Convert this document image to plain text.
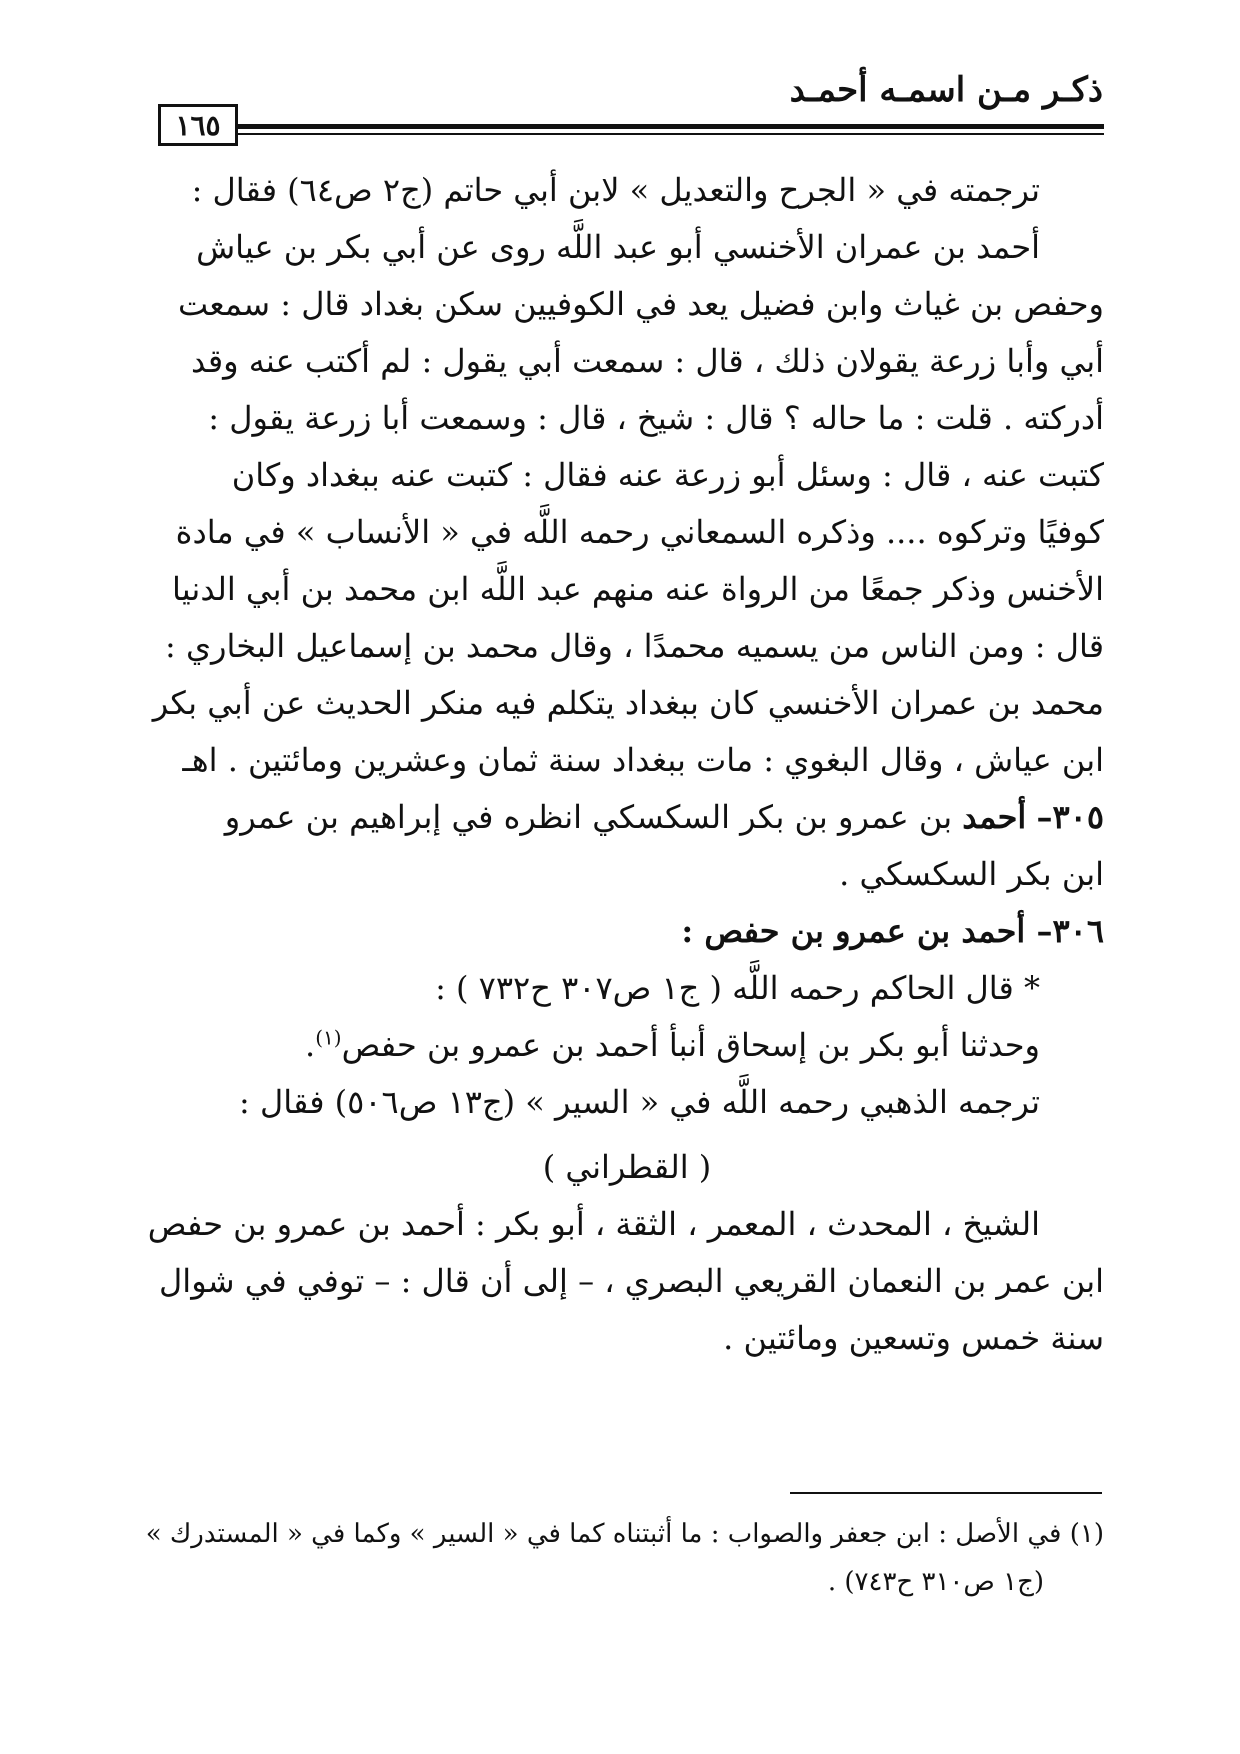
ذكـر مـن اسمـه أحمـد
١٦٥
ترجمته في « الجرح والتعديل » لابن أبي حاتم (ج٢ ص٦٤) فقال :
أحمد بن عمران الأخنسي أبو عبد اللَّه روى عن أبي بكر بن عياش
وحفص بن غياث وابن فضيل يعد في الكوفيين سكن بغداد قال : سمعت
أبي وأبا زرعة يقولان ذلك ، قال : سمعت أبي يقول : لم أكتب عنه وقد
أدركته . قلت : ما حاله ؟ قال : شيخ ، قال : وسمعت أبا زرعة يقول :
كتبت عنه ، قال : وسئل أبو زرعة عنه فقال : كتبت عنه ببغداد وكان
كوفيًا وتركوه .... وذكره السمعاني رحمه اللَّه في « الأنساب » في مادة
الأخنس وذكر جمعًا من الرواة عنه منهم عبد اللَّه ابن محمد بن أبي الدنيا
قال : ومن الناس من يسميه محمدًا ، وقال محمد بن إسماعيل البخاري :
محمد بن عمران الأخنسي كان ببغداد يتكلم فيه منكر الحديث عن أبي بكر
ابن عياش ، وقال البغوي : مات ببغداد سنة ثمان وعشرين ومائتين . اهـ
٣٠٥– أحمد بن عمرو بن بكر السكسكي انظره في إبراهيم بن عمرو
ابن بكر السكسكي .
٣٠٦– أحمد بن عمرو بن حفص :
* قال الحاكم رحمه اللَّه ( ج١ ص٣٠٧ ح٧٣٢ ) :
وحدثنا أبو بكر بن إسحاق أنبأ أحمد بن عمرو بن حفص$^{(١)}$.
ترجمه الذهبي رحمه اللَّه في « السير » (ج١٣ ص٥٠٦) فقال :
( القطراني )
الشيخ ، المحدث ، المعمر ، الثقة ، أبو بكر : أحمد بن عمرو بن حفص
ابن عمر بن النعمان القريعي البصري ، – إلى أن قال : – توفي في شوال
سنة خمس وتسعين ومائتين .
(١) في الأصل : ابن جعفر والصواب : ما أثبتناه كما في « السير » وكما في « المستدرك »
(ج١ ص٣١٠ ح٧٤٣) .
